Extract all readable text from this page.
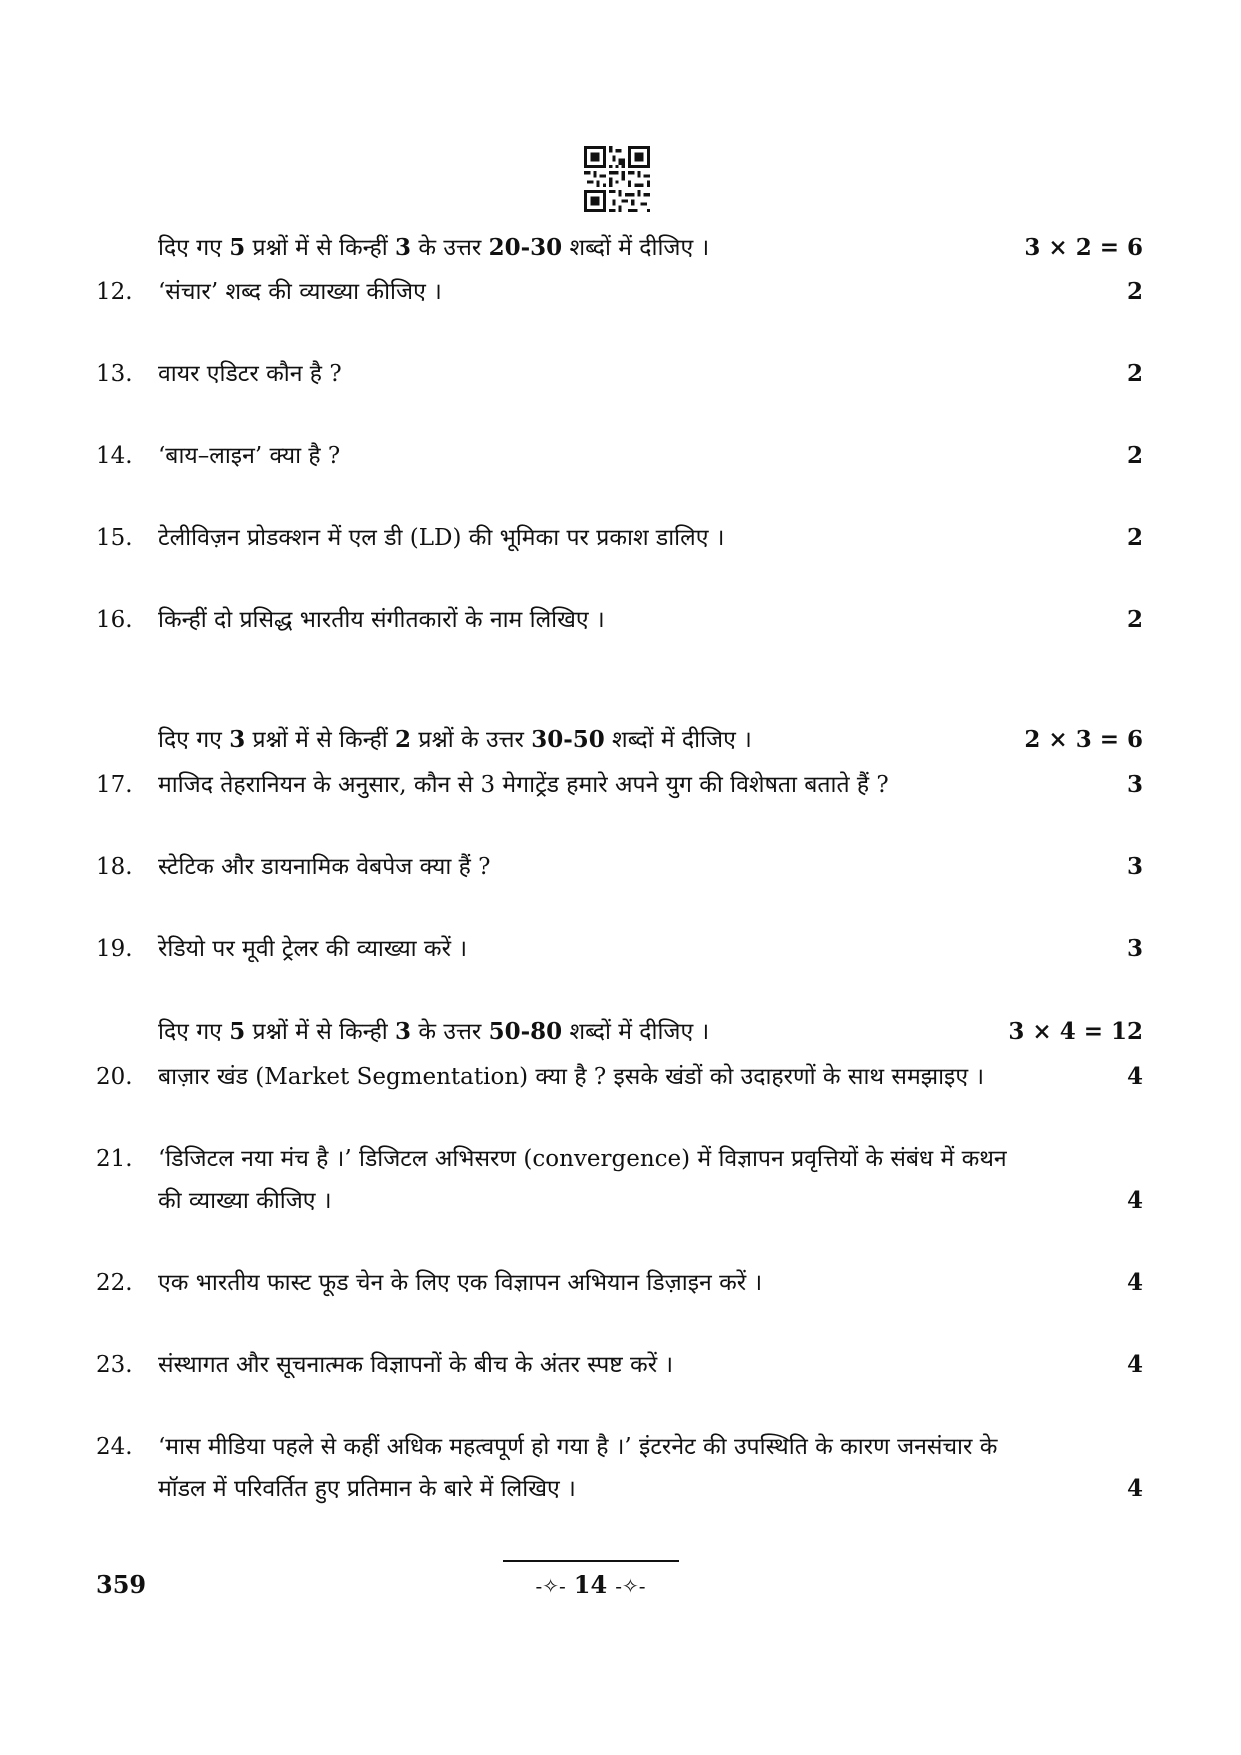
दिए गए 5 प्रश्नों में से किन्हीं 3 के उत्तर 20-30 शब्दों में दीजिए ।	3 × 2 = 6
12.	‘संचार’ शब्द की व्याख्या कीजिए ।	2
13.	वायर एडिटर कौन है ?	2
14.	‘बाय–लाइन’ क्या है ?	2
15.	टेलीविज़न प्रोडक्शन में एल डी (LD) की भूमिका पर प्रकाश डालिए ।	2
16.	किन्हीं दो प्रसिद्ध भारतीय संगीतकारों के नाम लिखिए ।	2
दिए गए 3 प्रश्नों में से किन्हीं 2 प्रश्नों के उत्तर 30-50 शब्दों में दीजिए ।	2 × 3 = 6
17.	माजिद तेहरानियन के अनुसार, कौन से 3 मेगाट्रेंड हमारे अपने युग की विशेषता बताते हैं ?	3
18.	स्टेटिक और डायनामिक वेबपेज क्या हैं ?	3
19.	रेडियो पर मूवी ट्रेलर की व्याख्या करें ।	3
दिए गए 5 प्रश्नों में से किन्ही 3 के उत्तर 50-80 शब्दों में दीजिए ।	3 × 4 = 12
20.	बाज़ार खंड (Market Segmentation) क्या है ? इसके खंडों को उदाहरणों के साथ समझाइए ।	4
21.	‘डिजिटल नया मंच है ।’ डिजिटल अभिसरण (convergence) में विज्ञापन प्रवृत्तियों के संबंध में कथन
की व्याख्या कीजिए ।	4
22.	एक भारतीय फास्ट फूड चेन के लिए एक विज्ञापन अभियान डिज़ाइन करें ।	4
23.	संस्थागत और सूचनात्मक विज्ञापनों के बीच के अंतर स्पष्ट करें ।	4
24.	‘मास मीडिया पहले से कहीं अधिक महत्वपूर्ण हो गया है ।’ इंटरनेट की उपस्थिति के कारण जनसंचार के
मॉडल में परिवर्तित हुए प्रतिमान के बारे में लिखिए ।	4
359	-✧- 14 -✧-
